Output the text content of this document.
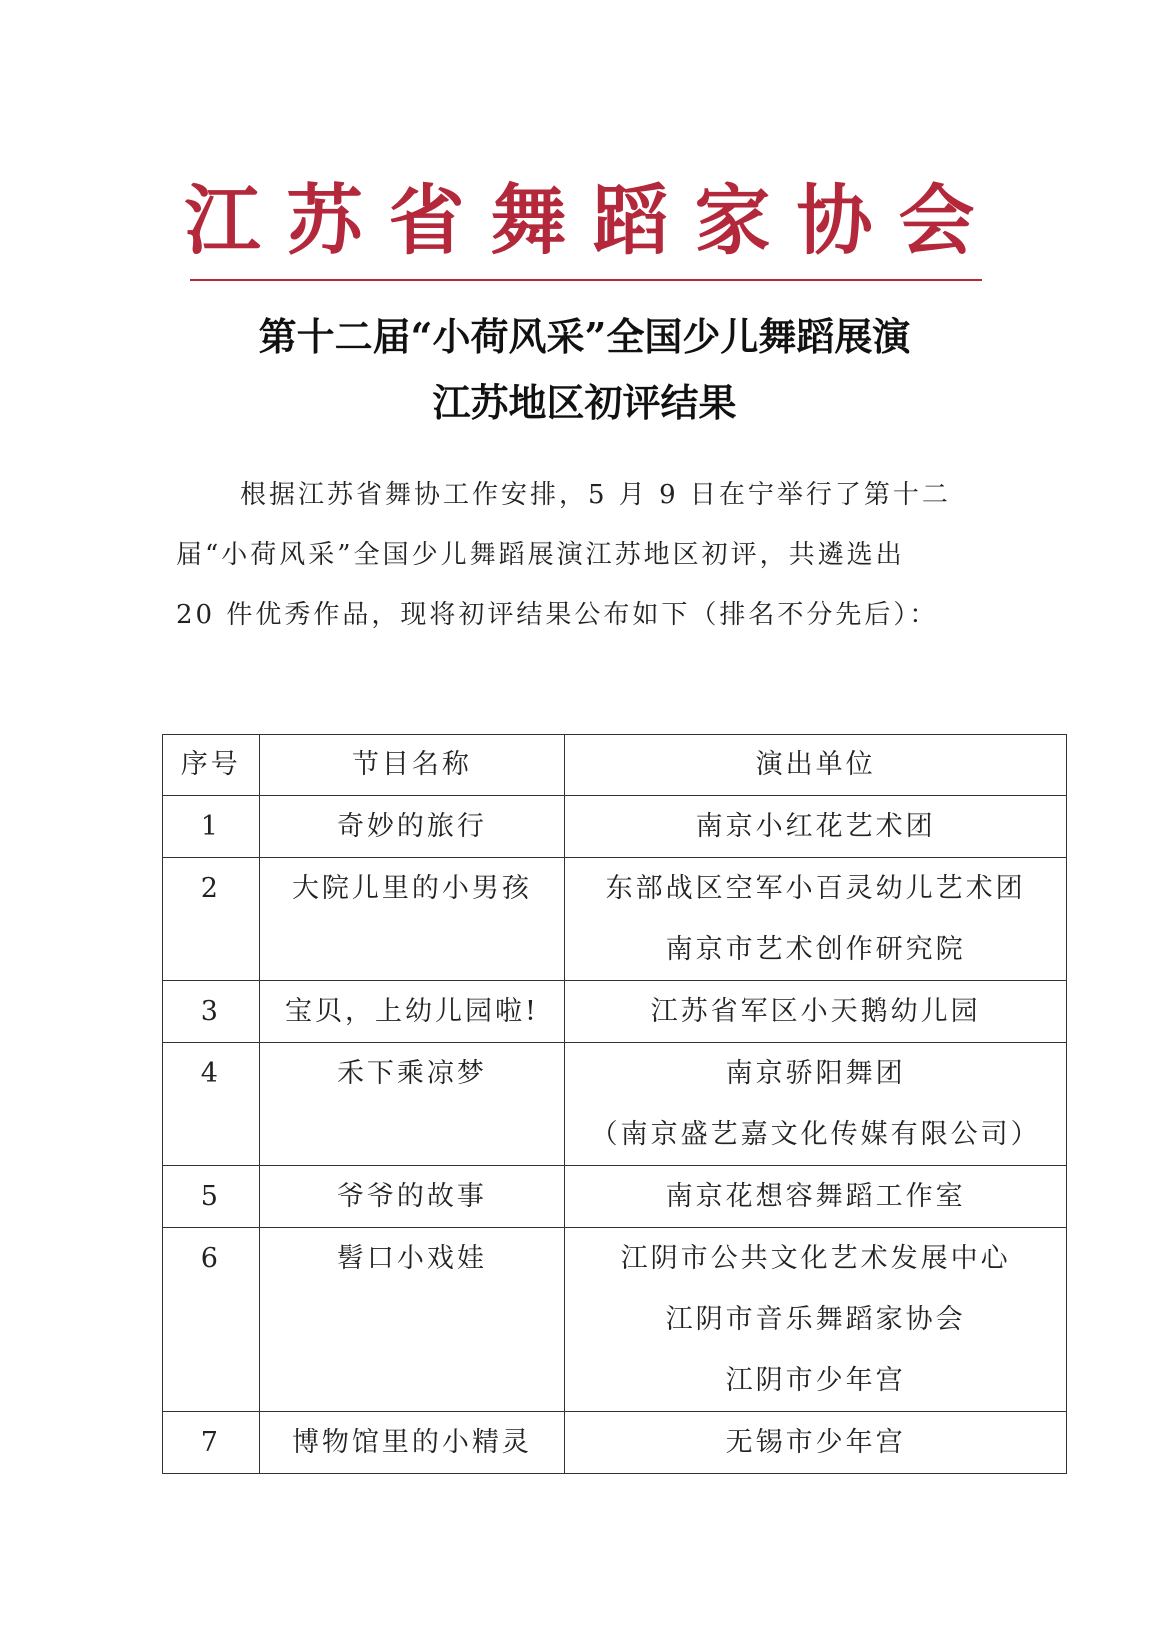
江苏省舞蹈家协会
第十二届“小荷风采”全国少儿舞蹈展演
江苏地区初评结果

根据江苏省舞协工作安排，5 月 9 日在宁举行了第十二

届“小荷风采”全国少儿舞蹈展演江苏地区初评，共遴选出

20 件优秀作品，现将初评结果公布如下（排名不分先后）：

序号	节目名称	演出单位

1	奇妙的旅行	南京小红花艺术团

2	大院儿里的小男孩	东部战区空军小百灵幼儿艺术团
南京市艺术创作研究院

3	宝贝，上幼儿园啦!	江苏省军区小天鹅幼儿园

4	禾下乘凉梦	南京骄阳舞团
（南京盛艺嘉文化传媒有限公司）

5	爷爷的故事	南京花想容舞蹈工作室

6	髫口小戏娃	江阴市公共文化艺术发展中心
江阴市音乐舞蹈家协会
江阴市少年宫

7	博物馆里的小精灵	无锡市少年宫
